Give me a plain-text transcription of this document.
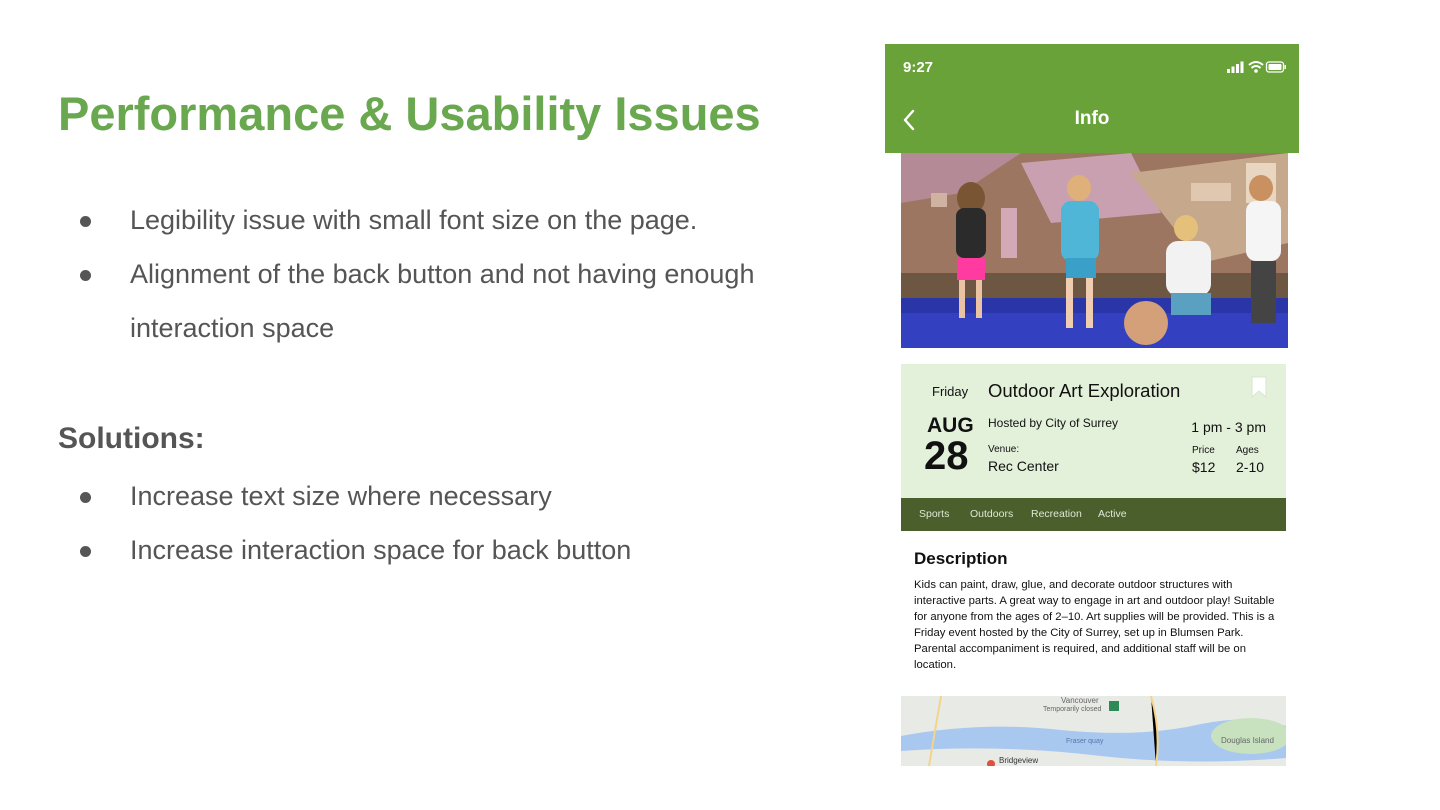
Performance & Usability Issues
Legibility issue with small font size on the page.
Alignment of the back button and not having enough interaction space
Solutions:
Increase text size where necessary
Increase interaction space for back button
9:27
Info
Friday Outdoor Art Exploration
AUG
28
Hosted by City of Surrey	1 pm - 3 pm
Venue:
Rec Center
Price
$12
Ages
2-10
Sports Outdoors Recreation Active
Description
Kids can paint, draw, glue, and decorate outdoor structures with interactive parts. A great way to engage in art and outdoor play! Suitable for anyone from the ages of 2–10. Art supplies will be provided. This is a Friday event hosted by the City of Surrey, set up in Blumsen Park. Parental accompaniment is required, and additional staff will be on location.
Vancouver
Temporarily closed
Fraser quay	Douglas Island
Bridgeview
